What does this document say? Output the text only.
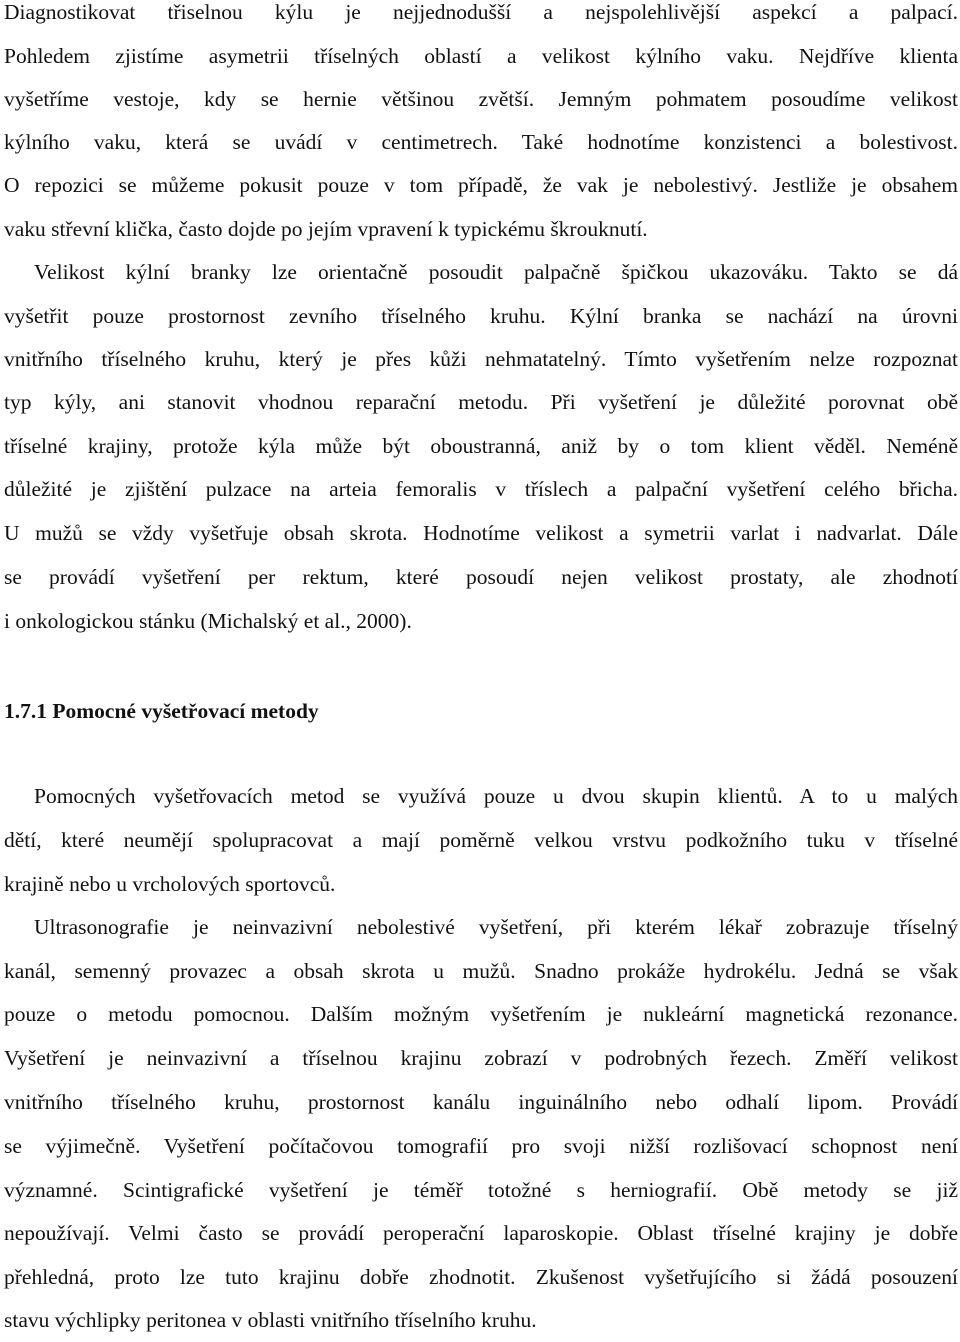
Diagnostikovat třiselnou kýlu je nejjednodušší a nejspolehlivější aspekcí a palpací.
Pohledem zjistíme asymetrii tříselných oblastí a velikost kýlního vaku. Nejdříve klienta
vyšetříme vestoje, kdy se hernie většinou zvětší. Jemným pohmatem posoudíme velikost
kýlního vaku, která se uvádí v centimetrech. Také hodnotíme konzistenci a bolestivost.
O repozici se můžeme pokusit pouze v tom případě, že vak je nebolestivý. Jestliže je obsahem
vaku střevní klička, často dojde po jejím vpravení k typickému škrouknutí.
Velikost kýlní branky lze orientačně posoudit palpačně špičkou ukazováku. Takto se dá
vyšetřit pouze prostornost zevního tříselného kruhu. Kýlní branka se nachází na úrovni
vnitřního tříselného kruhu, který je přes kůži nehmatatelný. Tímto vyšetřením nelze rozpoznat
typ kýly, ani stanovit vhodnou reparační metodu. Při vyšetření je důležité porovnat obě
tříselné krajiny, protože kýla může být oboustranná, aniž by o tom klient věděl. Neméně
důležité je zjištění pulzace na arteia femoralis v tříslech a palpační vyšetření celého břicha.
U mužů se vždy vyšetřuje obsah skrota. Hodnotíme velikost a symetrii varlat i nadvarlat. Dále
se provádí vyšetření per rektum, které posoudí nejen velikost prostaty, ale zhodnotí
i onkologickou stánku (Michalský et al., 2000).
1.7.1 Pomocné vyšetřovací metody
Pomocných vyšetřovacích metod se využívá pouze u dvou skupin klientů. A to u malých
dětí, které neumějí spolupracovat a mají poměrně velkou vrstvu podkožního tuku v tříselné
krajině nebo u vrcholových sportovců.
Ultrasonografie je neinvazivní nebolestivé vyšetření, při kterém lékař zobrazuje tříselný
kanál, semenný provazec a obsah skrota u mužů. Snadno prokáže hydrokélu. Jedná se však
pouze o metodu pomocnou. Dalším možným vyšetřením je nukleární magnetická rezonance.
Vyšetření je neinvazivní a tříselnou krajinu zobrazí v podrobných řezech. Změří velikost
vnitřního tříselného kruhu, prostornost kanálu inguinálního nebo odhalí lipom. Provádí
se výjimečně. Vyšetření počítačovou tomografií pro svoji nižší rozlišovací schopnost není
významné. Scintigrafické vyšetření je téměř totožné s herniografií. Obě metody se již
nepoužívají. Velmi často se provádí peroperační laparoskopie. Oblast tříselné krajiny je dobře
přehledná, proto lze tuto krajinu dobře zhodnotit. Zkušenost vyšetřujícího si žádá posouzení
stavu výchlipky peritonea v oblasti vnitřního tříselního kruhu.
